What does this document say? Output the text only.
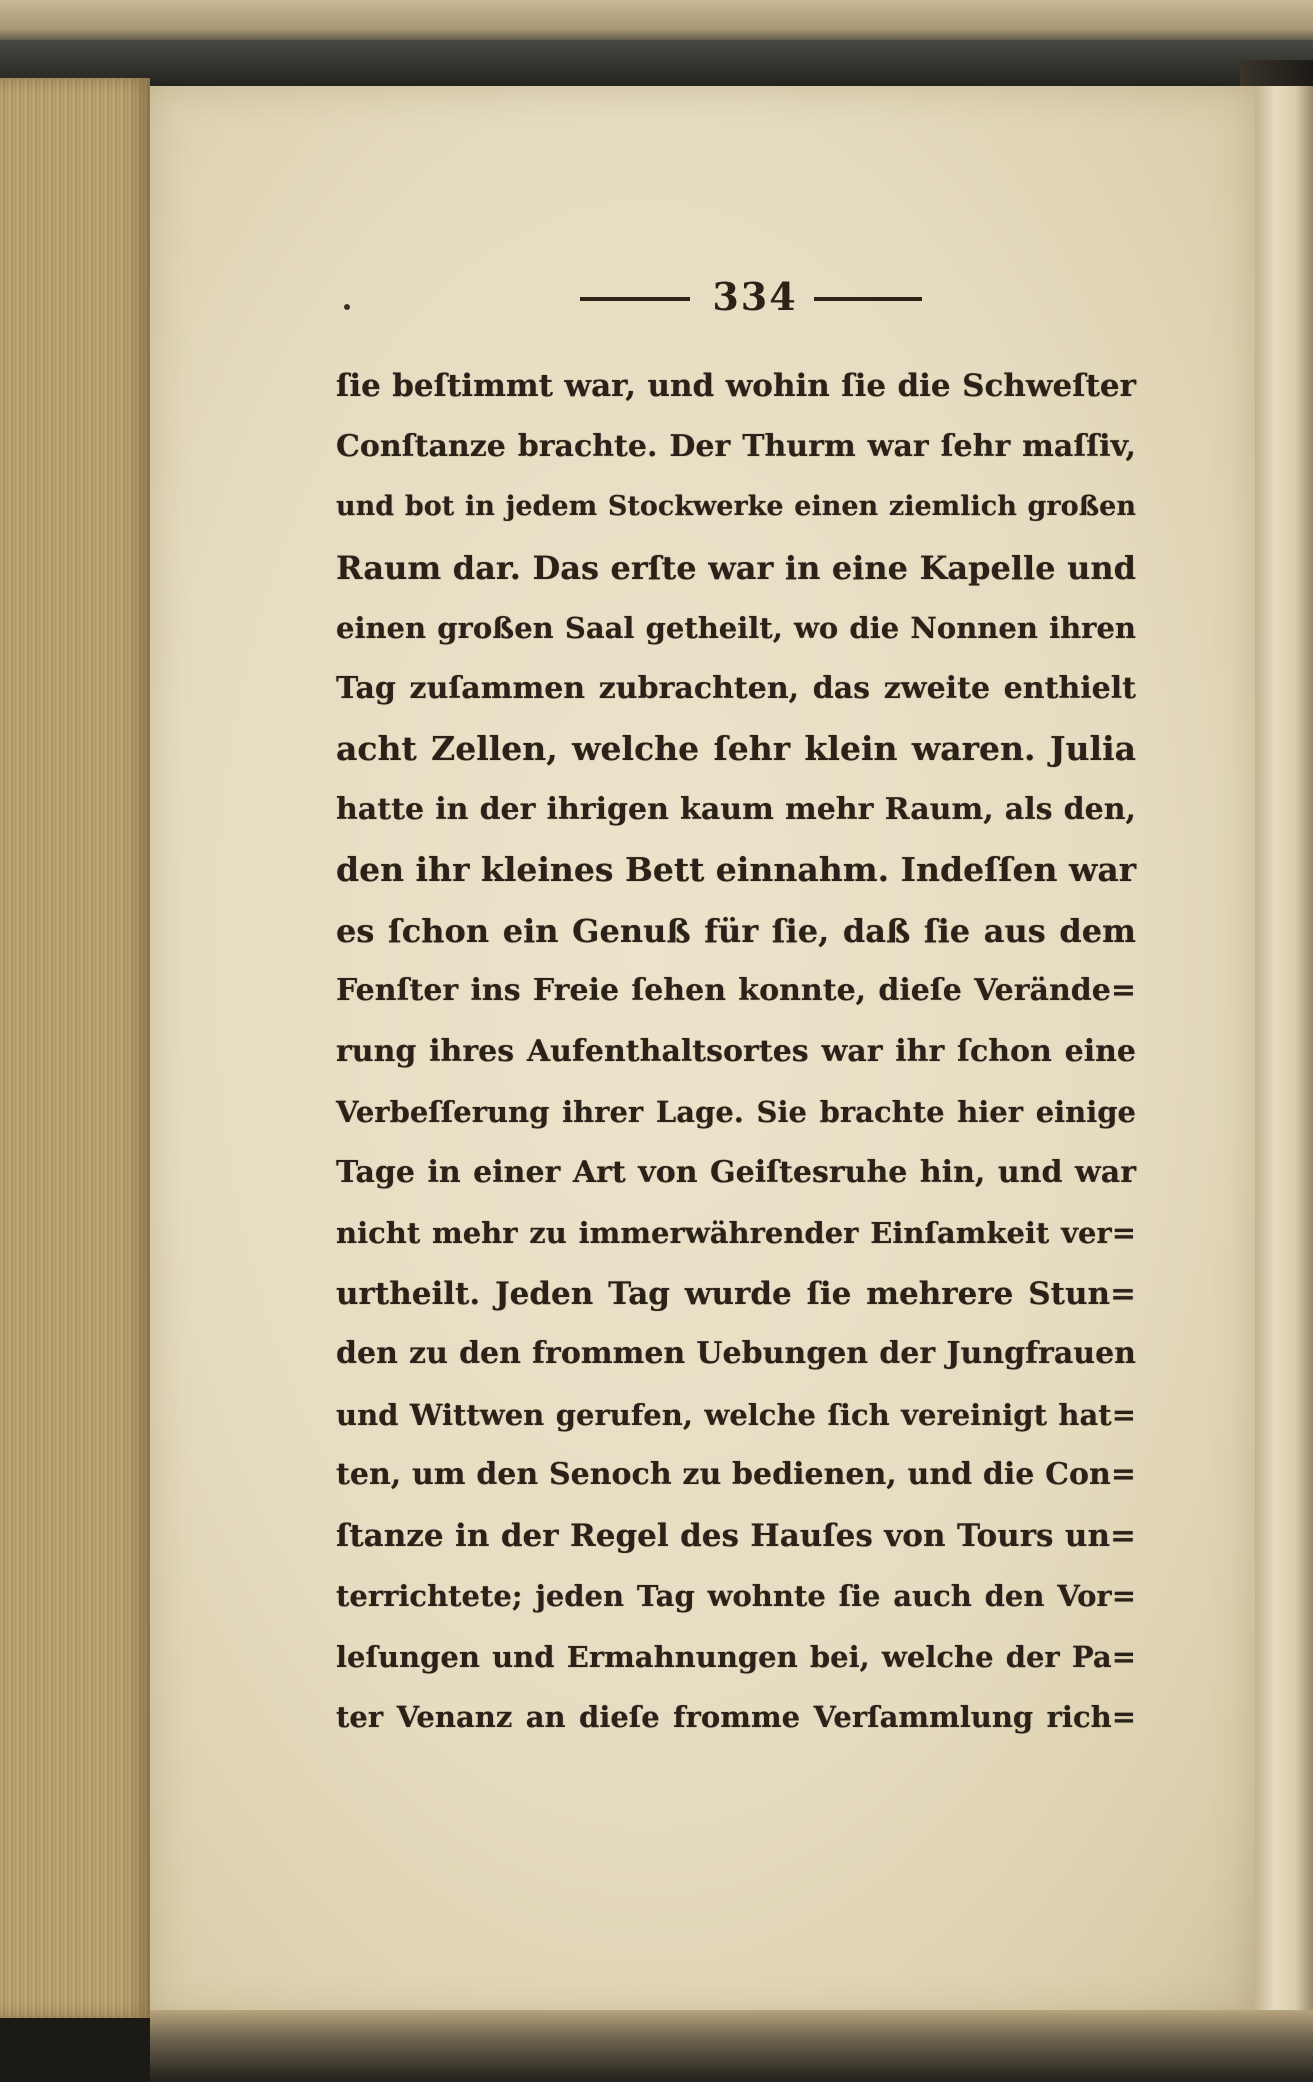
334
ſie beſtimmt war, und wohin ſie die Schweſter
Conſtanze brachte. Der Thurm war ſehr maſſiv,
und bot in jedem Stockwerke einen ziemlich großen
Raum dar. Das erſte war in eine Kapelle und
einen großen Saal getheilt, wo die Nonnen ihren
Tag zuſammen zubrachten, das zweite enthielt
acht Zellen, welche ſehr klein waren. Julia
hatte in der ihrigen kaum mehr Raum, als den,
den ihr kleines Bett einnahm. Indeſſen war
es ſchon ein Genuß für ſie, daß ſie aus dem
Fenſter ins Freie ſehen konnte, dieſe Verände=
rung ihres Aufenthaltsortes war ihr ſchon eine
Verbeſſerung ihrer Lage. Sie brachte hier einige
Tage in einer Art von Geiſtesruhe hin, und war
nicht mehr zu immerwährender Einſamkeit ver=
urtheilt. Jeden Tag wurde ſie mehrere Stun=
den zu den frommen Uebungen der Jungfrauen
und Wittwen gerufen, welche ſich vereinigt hat=
ten, um den Senoch zu bedienen, und die Con=
ſtanze in der Regel des Hauſes von Tours un=
terrichtete; jeden Tag wohnte ſie auch den Vor=
leſungen und Ermahnungen bei, welche der Pa=
ter Venanz an dieſe fromme Verſammlung rich=
